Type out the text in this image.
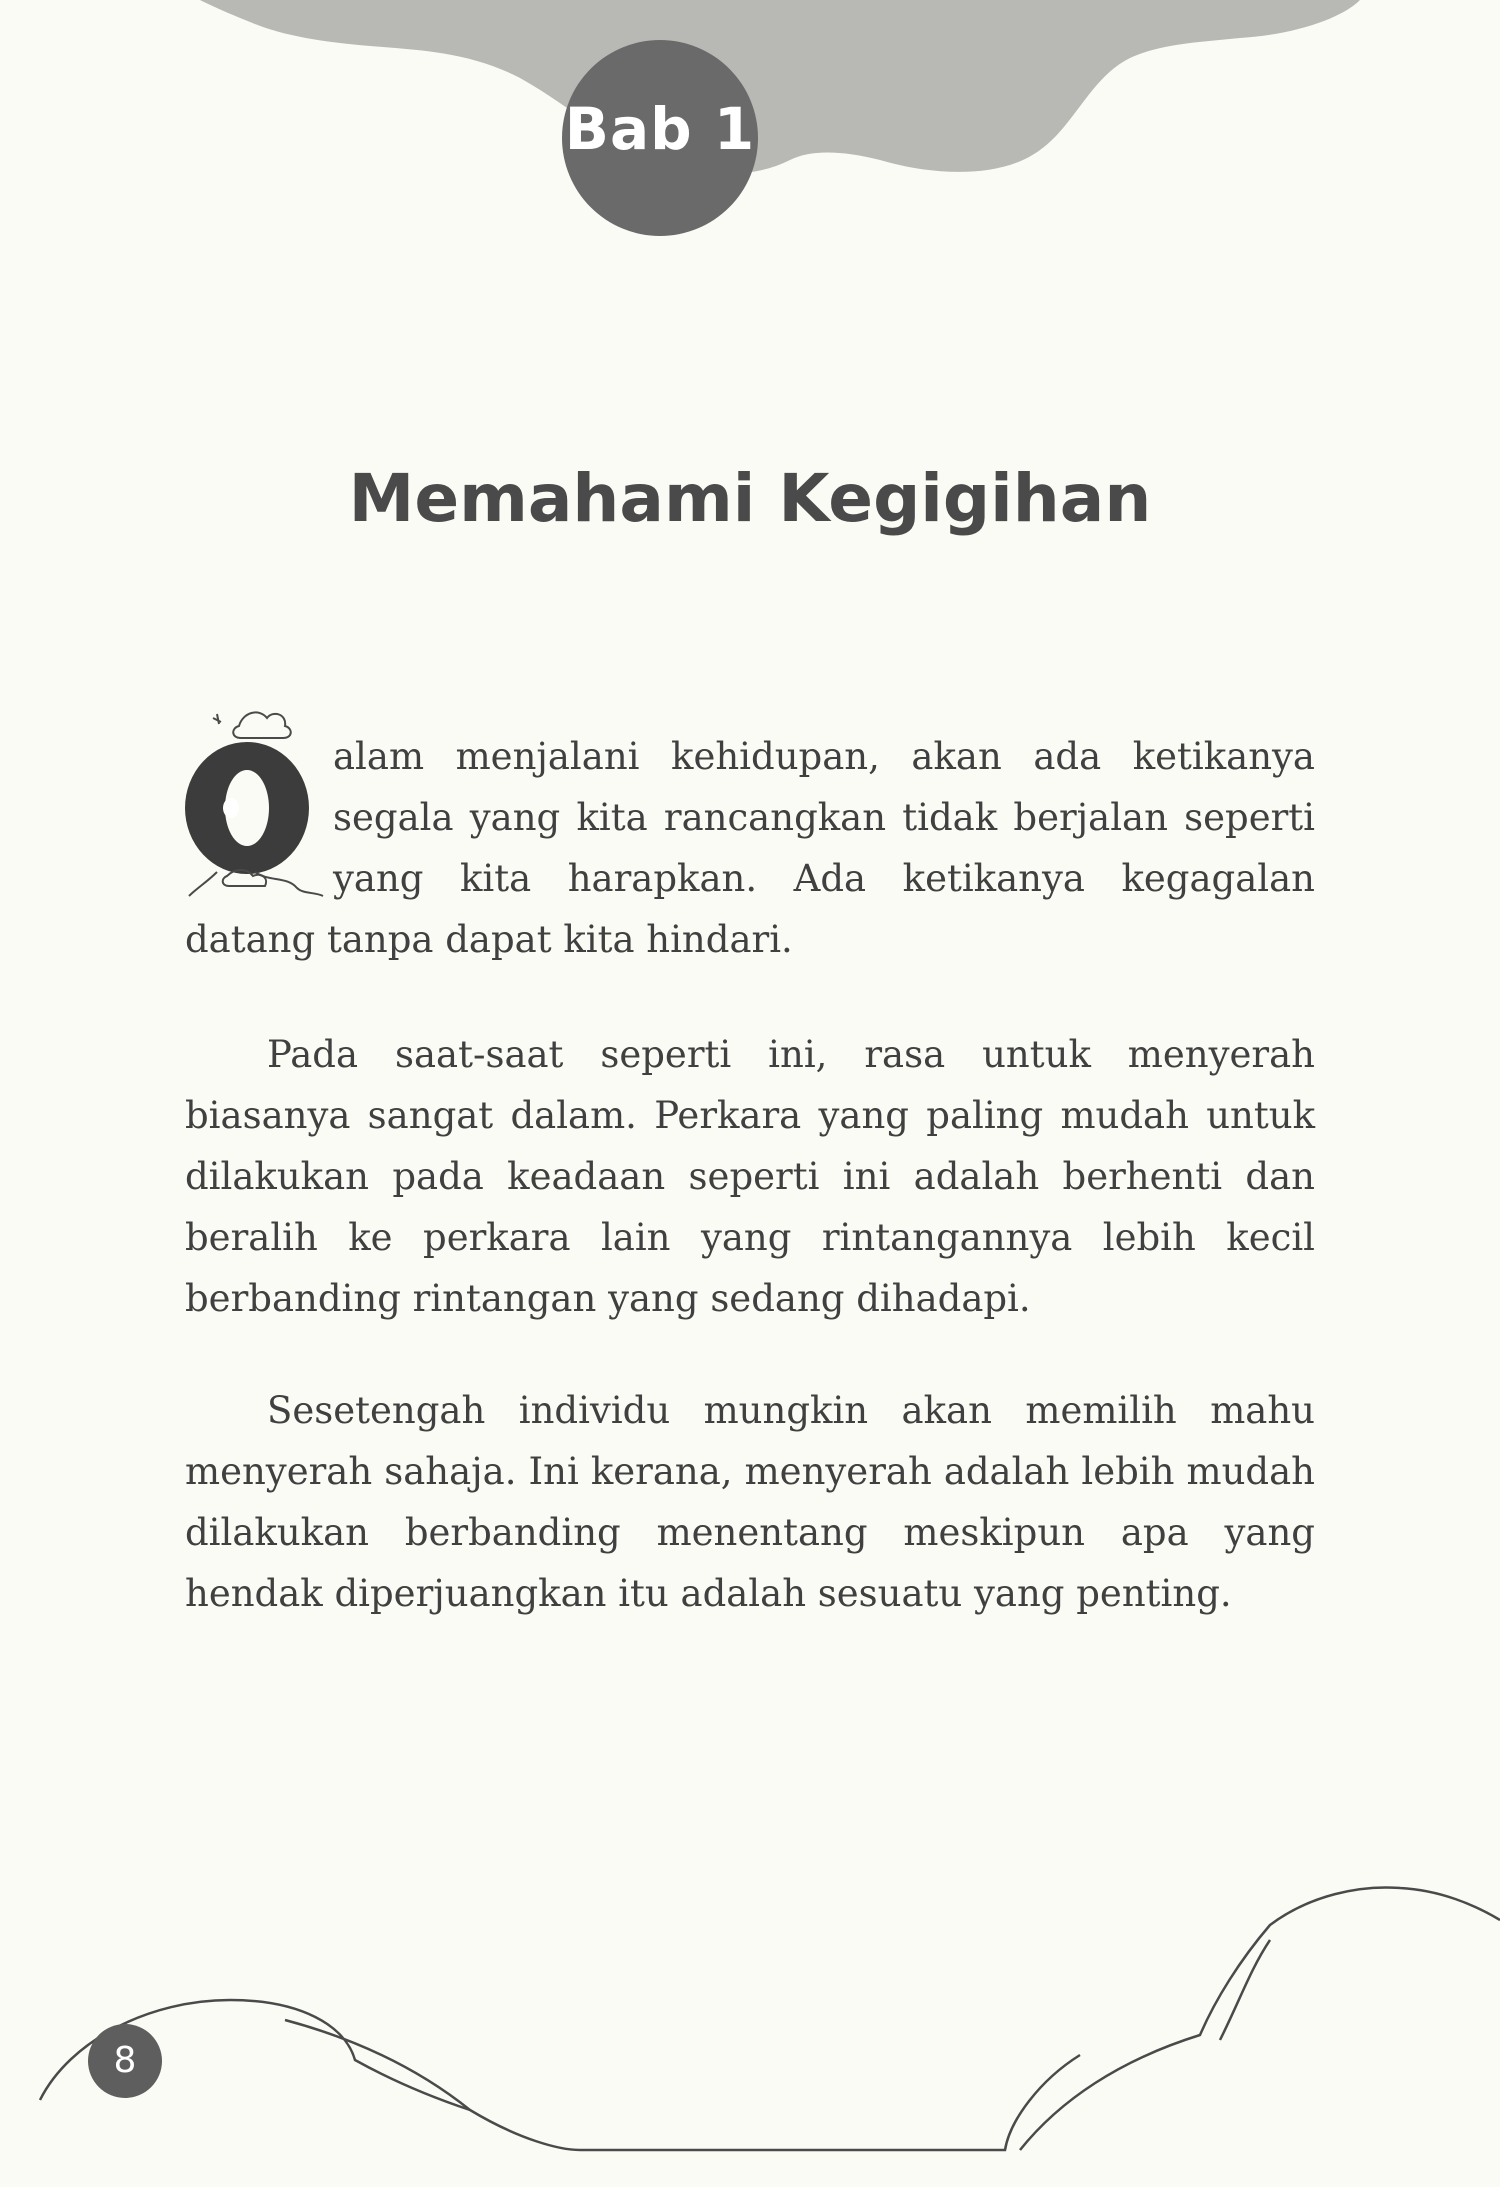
Bab 1
Memahami Kegigihan

alam menjalani kehidupan, akan ada ketikanya segala yang kita rancangkan tidak berjalan seperti yang kita harapkan. Ada ketikanya kegagalan datang tanpa dapat kita hindari.

Pada saat-saat seperti ini, rasa untuk menyerah biasanya sangat dalam. Perkara yang paling mudah untuk dilakukan pada keadaan seperti ini adalah berhenti dan beralih ke perkara lain yang rintangannya lebih kecil berbanding rintangan yang sedang dihadapi.

Sesetengah individu mungkin akan memilih mahu menyerah sahaja. Ini kerana, menyerah adalah lebih mudah dilakukan berbanding menentang meskipun apa yang hendak diperjuangkan itu adalah sesuatu yang penting.

8
